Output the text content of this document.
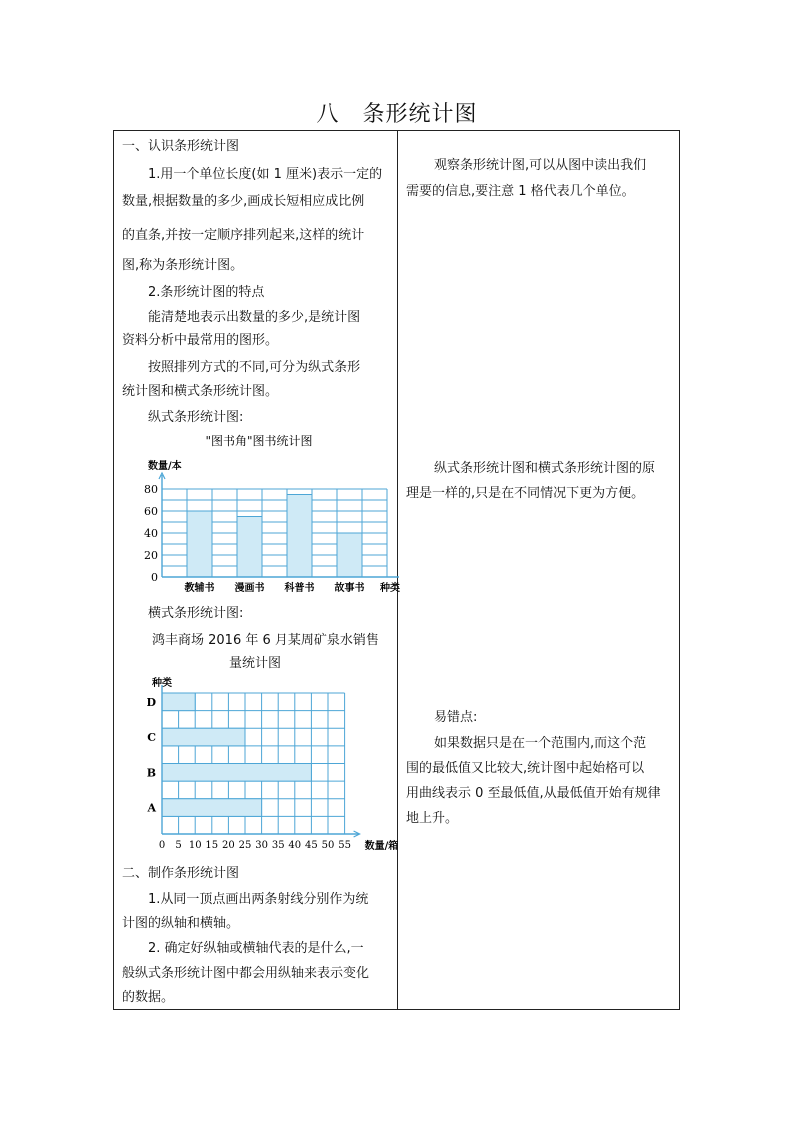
八　条形统计图
一、认识条形统计图
1.用一个单位长度(如 1 厘米)表示一定的
数量,根据数量的多少,画成长短相应成比例
的直条,并按一定顺序排列起来,这样的统计
图,称为条形统计图。
2.条形统计图的特点
能清楚地表示出数量的多少,是统计图
资料分析中最常用的图形。
按照排列方式的不同,可分为纵式条形
统计图和横式条形统计图。
纵式条形统计图:
"图书角"图书统计图
数量/本
教辅书 漫画书 科普书 故事书
0
20
40
60
80
种类
横式条形统计图:
鸿丰商场 2016 年 6 月某周矿泉水销售
量统计图
种类
A
B
C
D
0 5 10 15 20 25 30 35 40 45 50 55 数量/箱
二、制作条形统计图
1.从同一顶点画出两条射线分别作为统
计图的纵轴和横轴。
2. 确定好纵轴或横轴代表的是什么,一
般纵式条形统计图中都会用纵轴来表示变化
的数据。
观察条形统计图,可以从图中读出我们
需要的信息,要注意 1 格代表几个单位。
纵式条形统计图和横式条形统计图的原
理是一样的,只是在不同情况下更为方便。
易错点:
如果数据只是在一个范围内,而这个范
围的最低值又比较大,统计图中起始格可以
用曲线表示 0 至最低值,从最低值开始有规律
地上升。
